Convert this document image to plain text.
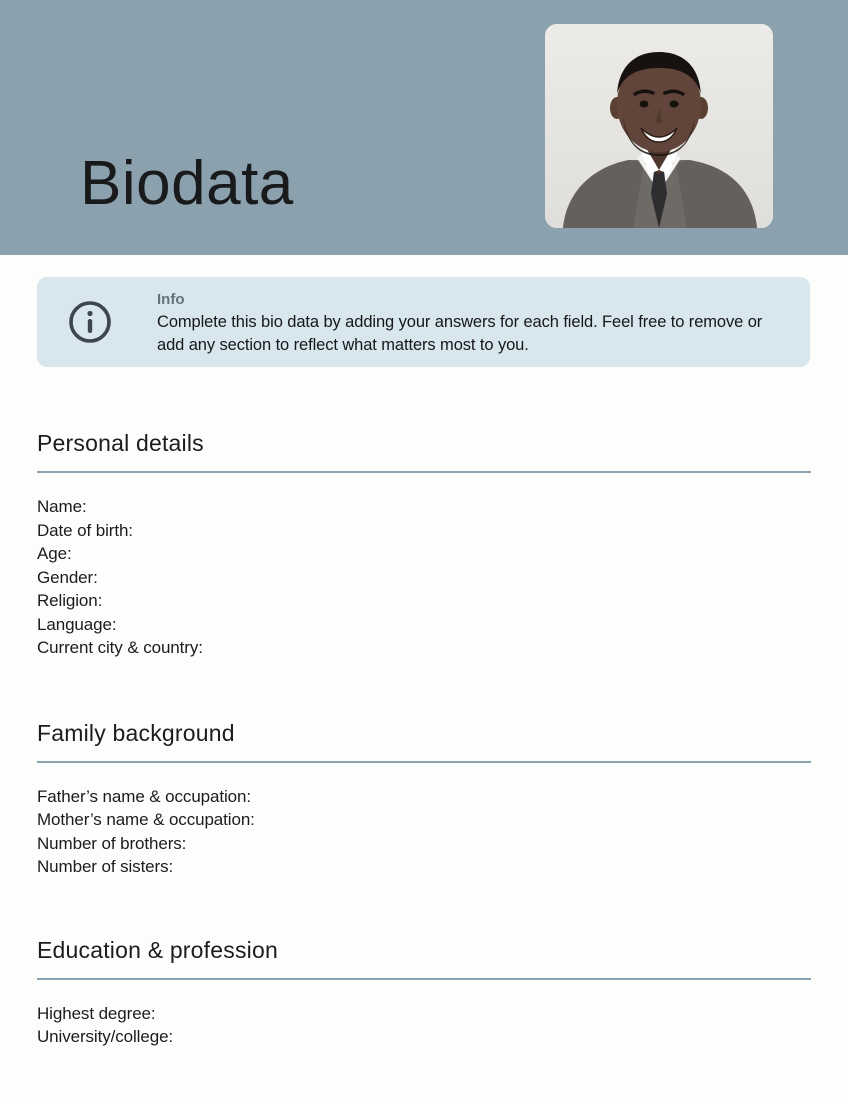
Biodata
Info
Complete this bio data by adding your answers for each field. Feel free to remove or add any section to reflect what matters most to you.
Personal details
Name:
Date of birth:
Age:
Gender:
Religion:
Language:
Current city & country:
Family background
Father’s name & occupation:
Mother’s name & occupation:
Number of brothers:
Number of sisters:
Education & profession
Highest degree:
University/college:
